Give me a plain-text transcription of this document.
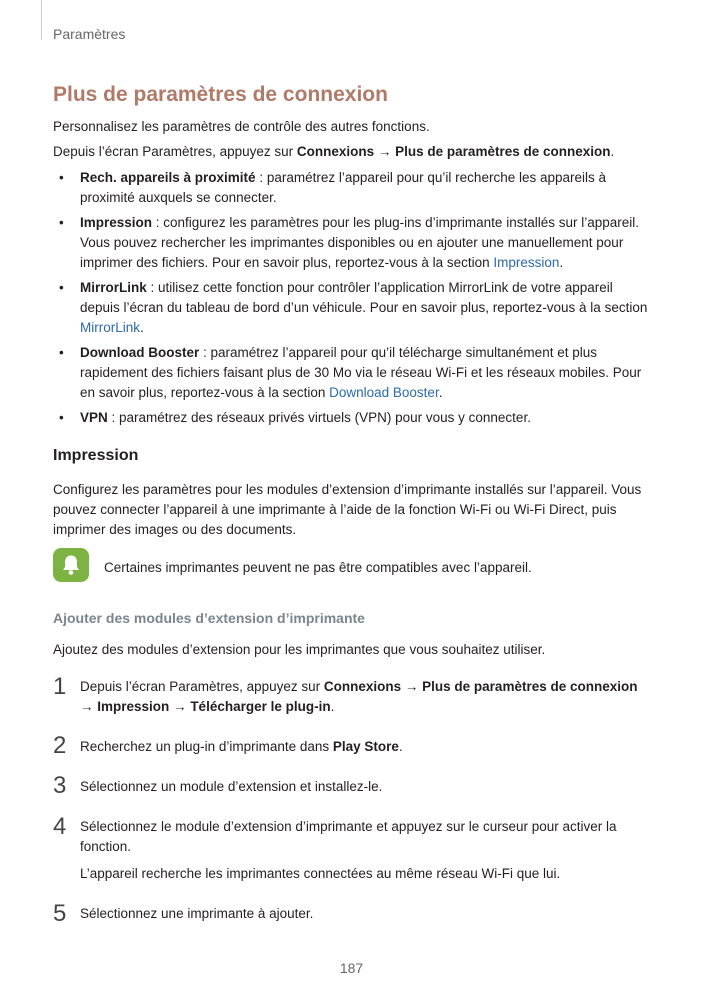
Paramètres
Plus de paramètres de connexion
Personnalisez les paramètres de contrôle des autres fonctions.
Depuis l’écran Paramètres, appuyez sur Connexions → Plus de paramètres de connexion.
• Rech. appareils à proximité : paramétrez l’appareil pour qu’il recherche les appareils à proximité auxquels se connecter.
• Impression : configurez les paramètres pour les plug-ins d’imprimante installés sur l’appareil. Vous pouvez rechercher les imprimantes disponibles ou en ajouter une manuellement pour imprimer des fichiers. Pour en savoir plus, reportez-vous à la section Impression.
• MirrorLink : utilisez cette fonction pour contrôler l’application MirrorLink de votre appareil depuis l’écran du tableau de bord d’un véhicule. Pour en savoir plus, reportez-vous à la section MirrorLink.
• Download Booster : paramétrez l’appareil pour qu’il télécharge simultanément et plus rapidement des fichiers faisant plus de 30 Mo via le réseau Wi-Fi et les réseaux mobiles. Pour en savoir plus, reportez-vous à la section Download Booster.
• VPN : paramétrez des réseaux privés virtuels (VPN) pour vous y connecter.
Impression

Configurez les paramètres pour les modules d’extension d’imprimante installés sur l’appareil. Vous pouvez connecter l’appareil à une imprimante à l’aide de la fonction Wi-Fi ou Wi-Fi Direct, puis imprimer des images ou des documents.

Certaines imprimantes peuvent ne pas être compatibles avec l’appareil.
Ajouter des modules d’extension d’imprimante
Ajoutez des modules d’extension pour les imprimantes que vous souhaitez utiliser.
1 Depuis l’écran Paramètres, appuyez sur Connexions → Plus de paramètres de connexion → Impression → Télécharger le plug-in.

2 Recherchez un plug-in d’imprimante dans Play Store.

3 Sélectionnez un module d’extension et installez-le.

4 Sélectionnez le module d’extension d’imprimante et appuyez sur le curseur pour activer la fonction.

L’appareil recherche les imprimantes connectées au même réseau Wi-Fi que lui.

5 Sélectionnez une imprimante à ajouter.

187
